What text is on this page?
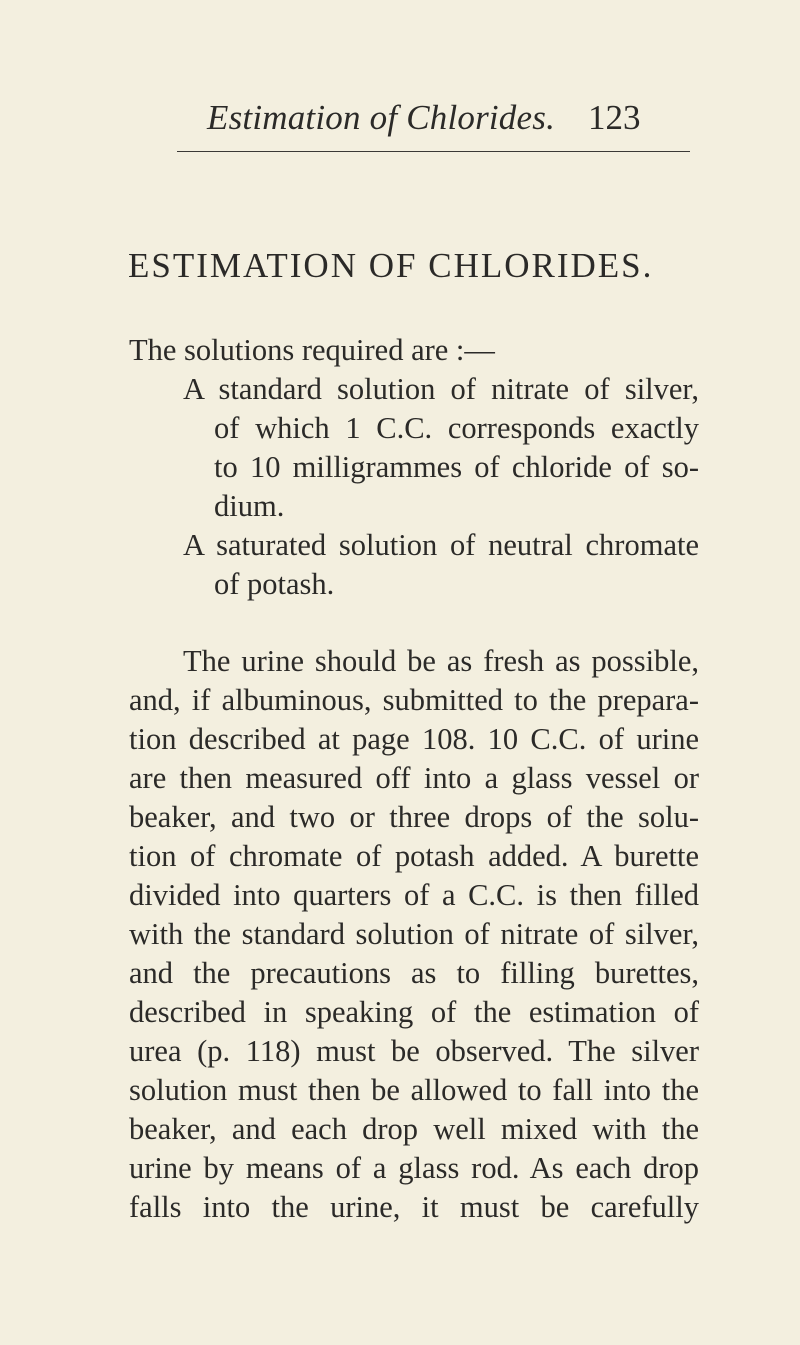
Estimation of Chlorides. 123
ESTIMATION OF CHLORIDES.
The solutions required are :—
A standard solution of nitrate of silver,
of which 1 C.C. corresponds exactly
to 10 milligrammes of chloride of so-
dium.
A saturated solution of neutral chromate
of potash.
The urine should be as fresh as possible,
and, if albuminous, submitted to the prepara-
tion described at page 108. 10 C.C. of urine
are then measured off into a glass vessel or
beaker, and two or three drops of the solu-
tion of chromate of potash added. A burette
divided into quarters of a C.C. is then filled
with the standard solution of nitrate of silver,
and the precautions as to filling burettes,
described in speaking of the estimation of
urea (p. 118) must be observed. The silver
solution must then be allowed to fall into the
beaker, and each drop well mixed with the
urine by means of a glass rod. As each drop
falls into the urine, it must be carefully
